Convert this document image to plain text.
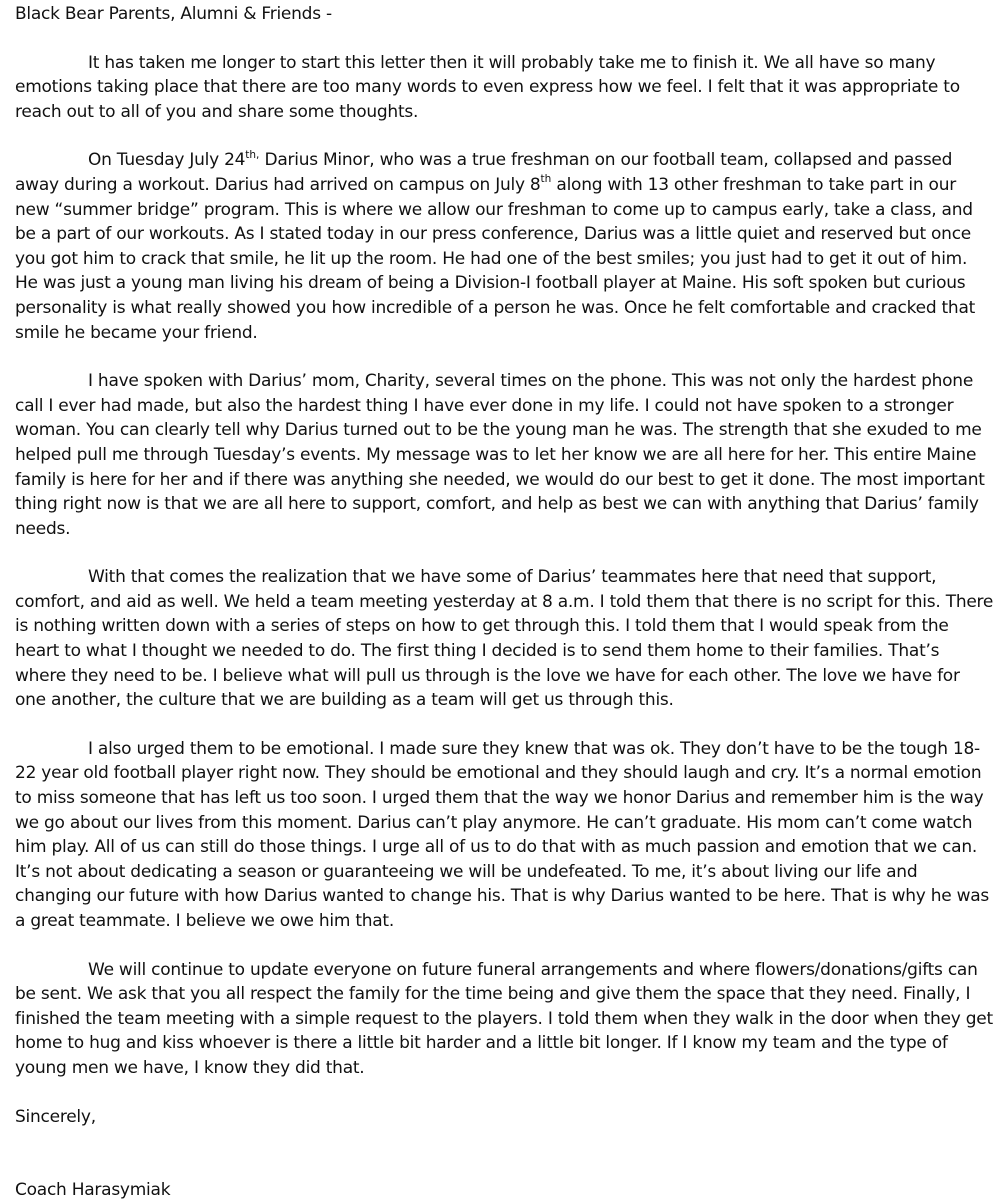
Black Bear Parents, Alumni & Friends -

It has taken me longer to start this letter then it will probably take me to finish it. We all have so many emotions taking place that there are too many words to even express how we feel. I felt that it was appropriate to reach out to all of you and share some thoughts.

On Tuesday July $24^{th,}$ Darius Minor, who was a true freshman on our football team, collapsed and passed away during a workout. Darius had arrived on campus on July 8th along with 13 other freshman to take part in our new “summer bridge” program. This is where we allow our freshman to come up to campus early, take a class, and be a part of our workouts. As I stated today in our press conference, Darius was a little quiet and reserved but once you got him to crack that smile, he lit up the room. He had one of the best smiles; you just had to get it out of him. He was just a young man living his dream of being a Division-I football player at Maine. His soft spoken but curious personality is what really showed you how incredible of a person he was. Once he felt comfortable and cracked that smile he became your friend.

I have spoken with Darius’ mom, Charity, several times on the phone. This was not only the hardest phone call I ever had made, but also the hardest thing I have ever done in my life. I could not have spoken to a stronger woman. You can clearly tell why Darius turned out to be the young man he was. The strength that she exuded to me helped pull me through Tuesday’s events. My message was to let her know we are all here for her. This entire Maine family is here for her and if there was anything she needed, we would do our best to get it done. The most important thing right now is that we are all here to support, comfort, and help as best we can with anything that Darius’ family needs.

With that comes the realization that we have some of Darius’ teammates here that need that support, comfort, and aid as well. We held a team meeting yesterday at 8 a.m. I told them that there is no script for this. There is nothing written down with a series of steps on how to get through this. I told them that I would speak from the heart to what I thought we needed to do. The first thing I decided is to send them home to their families. That’s where they need to be. I believe what will pull us through is the love we have for each other. The love we have for one another, the culture that we are building as a team will get us through this.

I also urged them to be emotional. I made sure they knew that was ok. They don’t have to be the tough 18-22 year old football player right now. They should be emotional and they should laugh and cry. It’s a normal emotion to miss someone that has left us too soon. I urged them that the way we honor Darius and remember him is the way we go about our lives from this moment. Darius can’t play anymore. He can’t graduate. His mom can’t come watch him play. All of us can still do those things. I urge all of us to do that with as much passion and emotion that we can. It’s not about dedicating a season or guaranteeing we will be undefeated. To me, it’s about living our life and changing our future with how Darius wanted to change his. That is why Darius wanted to be here. That is why he was a great teammate. I believe we owe him that.

We will continue to update everyone on future funeral arrangements and where flowers/donations/gifts can be sent. We ask that you all respect the family for the time being and give them the space that they need. Finally, I finished the team meeting with a simple request to the players. I told them when they walk in the door when they get home to hug and kiss whoever is there a little bit harder and a little bit longer. If I know my team and the type of young men we have, I know they did that.

Sincerely,

Coach Harasymiak
